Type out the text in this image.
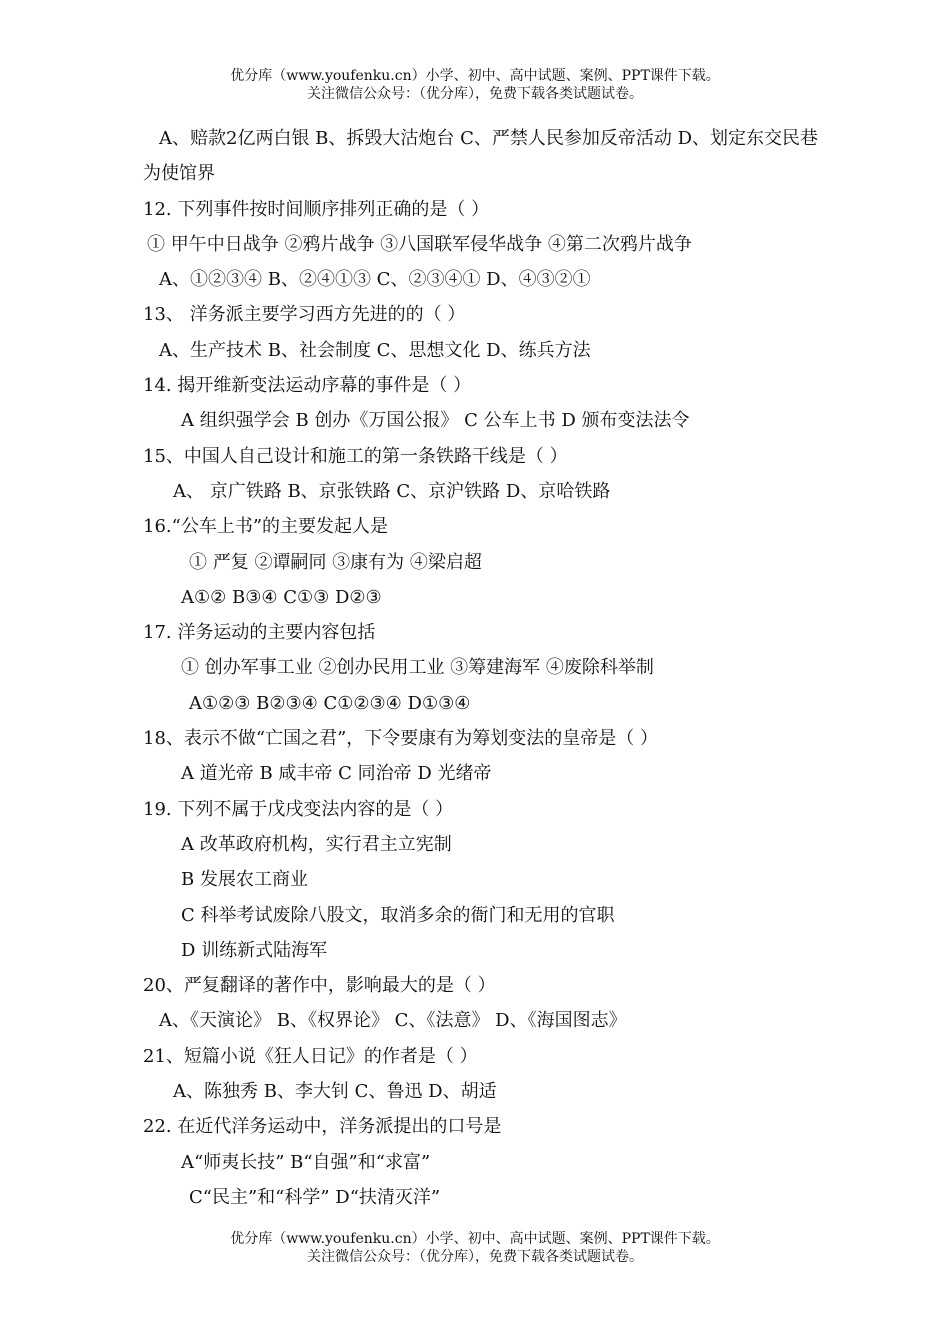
优分库（www.youfenku.cn）小学、初中、高中试题、案例、PPT课件下载。
关注微信公众号：（优分库），免费下载各类试题试卷。
A、赔款2亿两白银 B、拆毁大沽炮台 C、严禁人民参加反帝活动 D、划定东交民巷
为使馆界
12. 下列事件按时间顺序排列正确的是（ ）
① 甲午中日战争 ②鸦片战争 ③八国联军侵华战争 ④第二次鸦片战争
A、①②③④ B、②④①③ C、②③④① D、④③②①
13、 洋务派主要学习西方先进的的（ ）
A、生产技术 B、社会制度 C、思想文化 D、练兵方法
14. 揭开维新变法运动序幕的事件是（ ）
A 组织强学会 B 创办《万国公报》 C 公车上书 D 颁布变法法令
15、中国人自己设计和施工的第一条铁路干线是（ ）
A、 京广铁路 B、京张铁路 C、京沪铁路 D、京哈铁路
16.“公车上书”的主要发起人是
① 严复 ②谭嗣同 ③康有为 ④梁启超
A①② B③④ C①③ D②③
17. 洋务运动的主要内容包括
① 创办军事工业 ②创办民用工业 ③筹建海军 ④废除科举制
A①②③ B②③④ C①②③④ D①③④
18、表示不做“亡国之君”，下令要康有为筹划变法的皇帝是（ ）
A 道光帝 B 咸丰帝 C 同治帝 D 光绪帝
19. 下列不属于戊戌变法内容的是（ ）
A 改革政府机构，实行君主立宪制
B 发展农工商业
C 科举考试废除八股文，取消多余的衙门和无用的官职
D 训练新式陆海军
20、严复翻译的著作中，影响最大的是（ ）
A、《天演论》 B、《权界论》 C、《法意》 D、《海国图志》
21、短篇小说《狂人日记》的作者是（ ）
A、陈独秀 B、李大钊 C、鲁迅 D、胡适
22. 在近代洋务运动中，洋务派提出的口号是
A“师夷长技” B“自强”和“求富”
C“民主”和“科学” D“扶清灭洋”
优分库（www.youfenku.cn）小学、初中、高中试题、案例、PPT课件下载。
关注微信公众号：（优分库），免费下载各类试题试卷。
